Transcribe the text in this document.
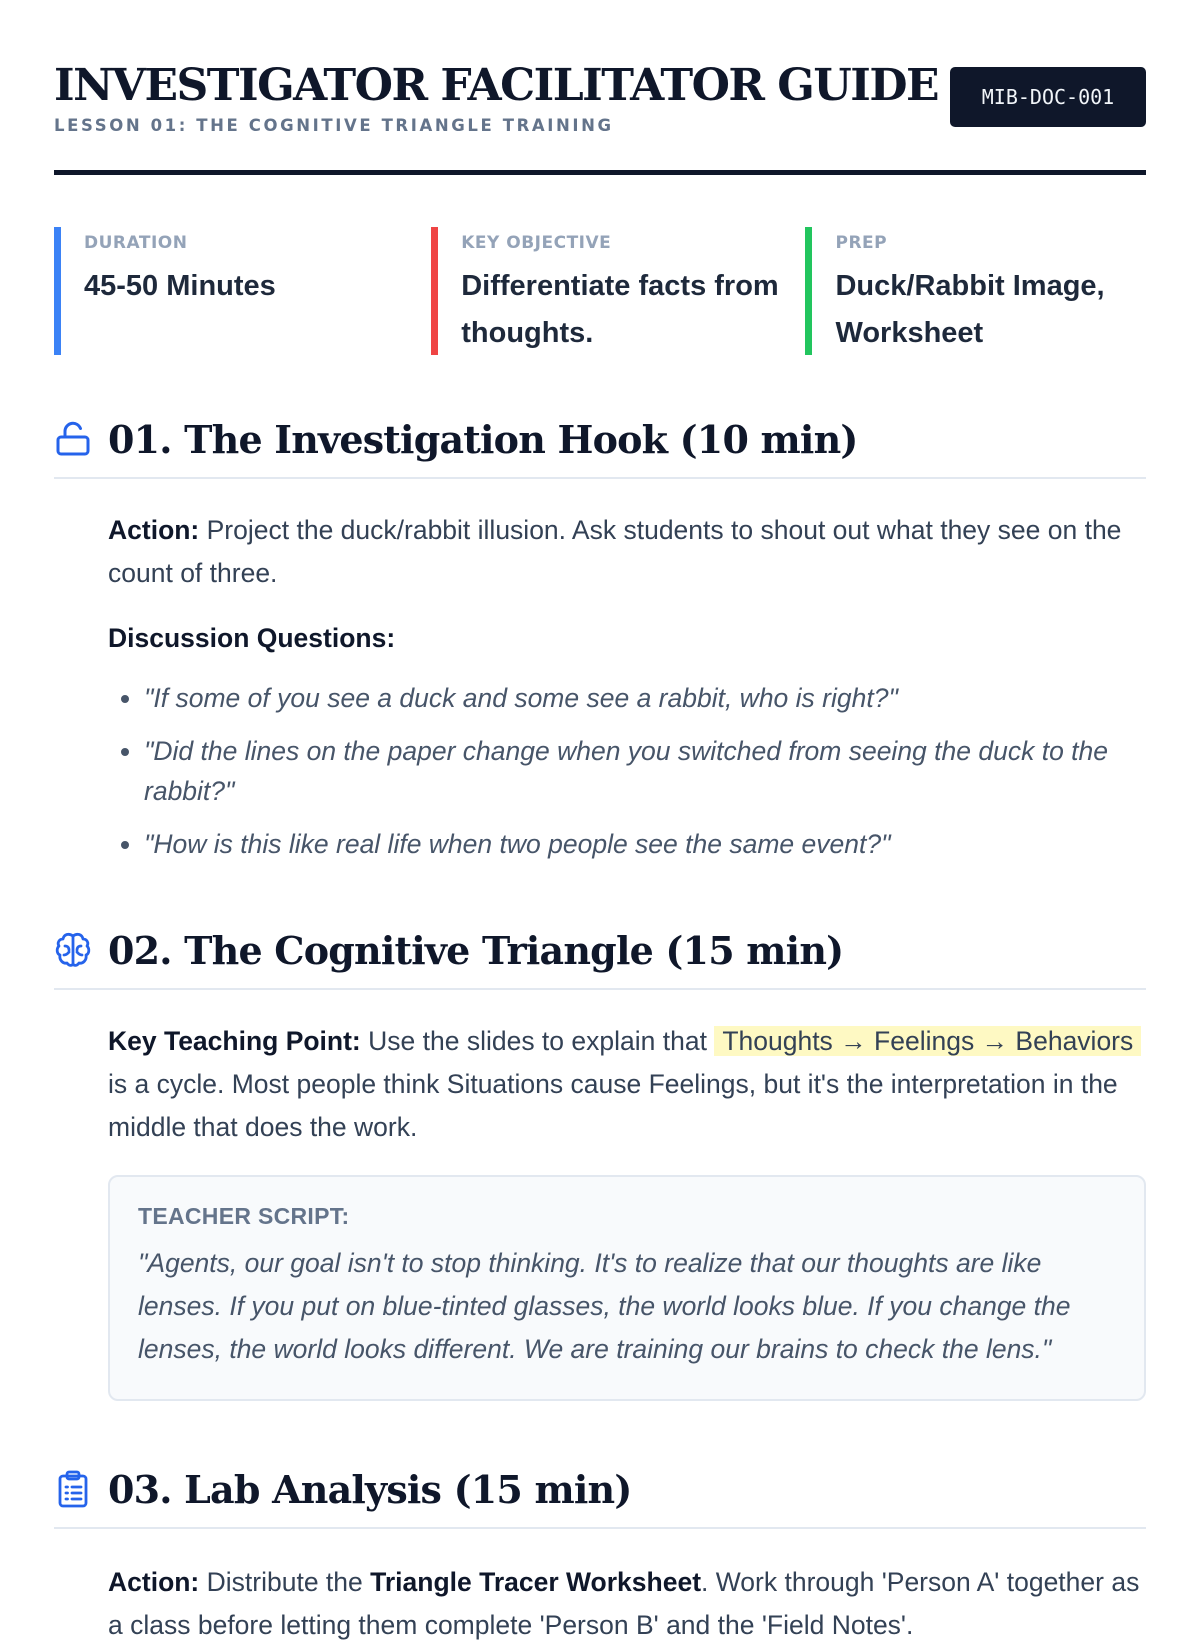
INVESTIGATOR FACILITATOR GUIDE
LESSON 01: THE COGNITIVE TRIANGLE TRAINING
MIB-DOC-001
DURATION
45-50 Minutes
KEY OBJECTIVE
Differentiate facts from thoughts.
PREP
Duck/Rabbit Image, Worksheet
01. The Investigation Hook (10 min)

Action: Project the duck/rabbit illusion. Ask students to shout out what they see on the count of three.

Discussion Questions:
• "If some of you see a duck and some see a rabbit, who is right?"
• "Did the lines on the paper change when you switched from seeing the duck to the rabbit?"
• "How is this like real life when two people see the same event?"
02. The Cognitive Triangle (15 min)

Key Teaching Point: Use the slides to explain that Thoughts → Feelings → Behaviors is a cycle. Most people think Situations cause Feelings, but it's the interpretation in the middle that does the work.

TEACHER SCRIPT:
"Agents, our goal isn't to stop thinking. It's to realize that our thoughts are like lenses. If you put on blue-tinted glasses, the world looks blue. If you change the lenses, the world looks different. We are training our brains to check the lens."
03. Lab Analysis (15 min)

Action: Distribute the Triangle Tracer Worksheet. Work through 'Person A' together as a class before letting them complete 'Person B' and the 'Field Notes'.
